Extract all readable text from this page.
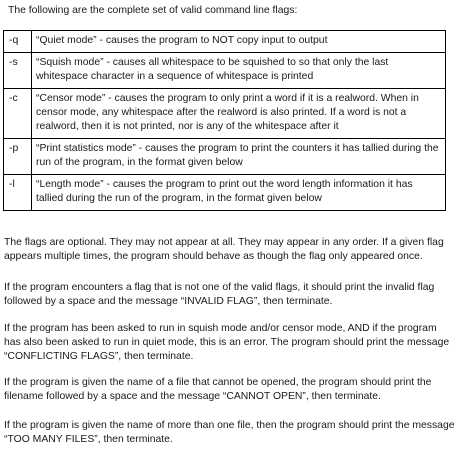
The following are the complete set of valid command line flags:

-q	“Quiet mode” - causes the program to NOT copy input to output
-s	“Squish mode” - causes all whitespace to be squished to so that only the last whitespace character in a sequence of whitespace is printed
-c	“Censor mode” - causes the program to only print a word if it is a realword. When in censor mode, any whitespace after the realword is also printed. If a word is not a realword, then it is not printed, nor is any of the whitespace after it
-p	“Print statistics mode” - causes the program to print the counters it has tallied during the run of the program, in the format given below
-l	“Length mode” - causes the program to print out the word length information it has tallied during the run of the program, in the format given below

The flags are optional. They may not appear at all. They may appear in any order. If a given flag appears multiple times, the program should behave as though the flag only appeared once.

If the program encounters a flag that is not one of the valid flags, it should print the invalid flag followed by a space and the message “INVALID FLAG”, then terminate.

If the program has been asked to run in squish mode and/or censor mode, AND if the program has also been asked to run in quiet mode, this is an error. The program should print the message “CONFLICTING FLAGS”, then terminate.

If the program is given the name of a file that cannot be opened, the program should print the filename followed by a space and the message “CANNOT OPEN”, then terminate.

If the program is given the name of more than one file, then the program should print the message “TOO MANY FILES”, then terminate.
